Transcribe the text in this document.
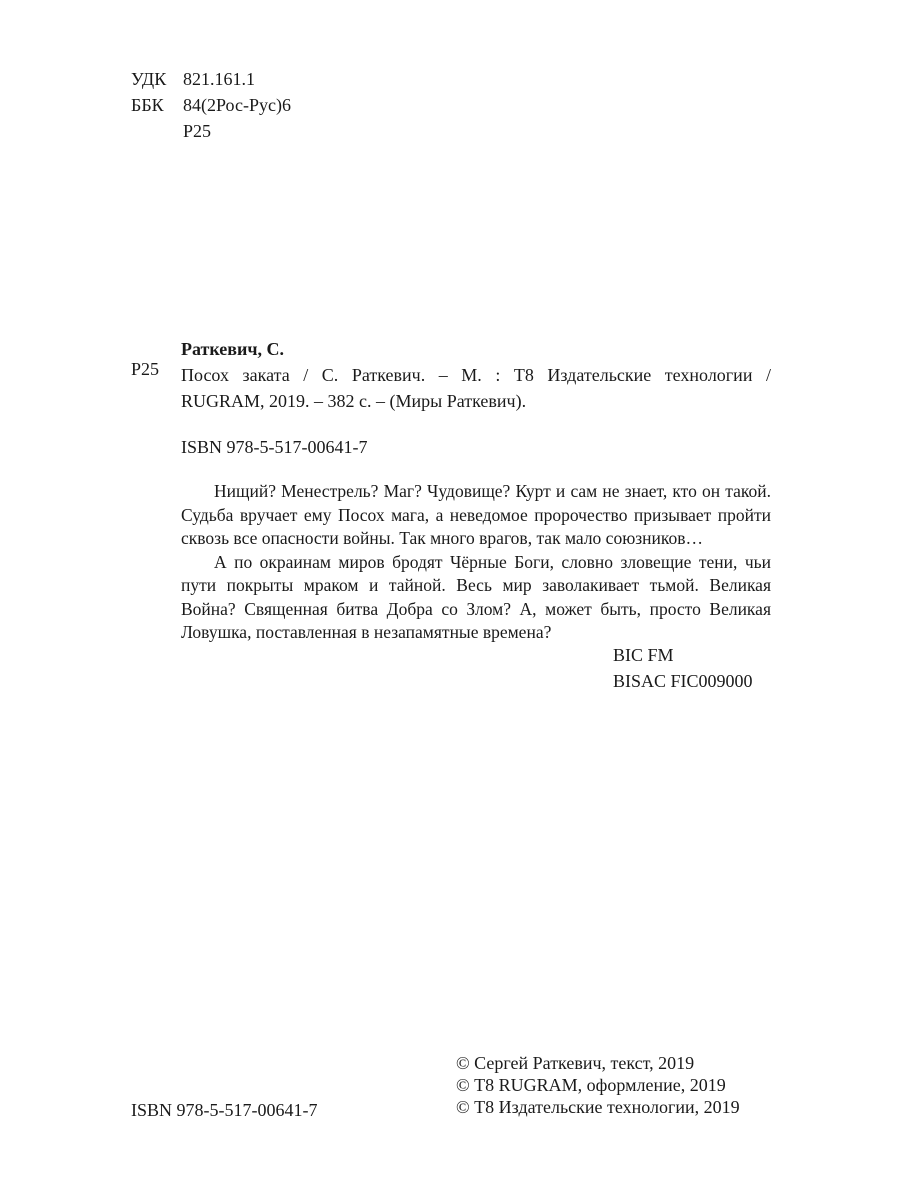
УДК 821.161.1
ББК	84(2Рос-Рус)6
Р25
Р25
Раткевич, С.
Посох заката / С. Раткевич. – М. : Т8 Издательские технологии /
RUGRAM, 2019. – 382 с. – (Миры Раткевич).
ISBN 978-5-517-00641-7

Нищий? Менестрель? Маг? Чудовище? Курт и сам не знает, кто он такой. Судьба вручает ему Посох мага, а неведомое пророчество призывает пройти сквозь все опасности войны. Так много врагов, так мало союзников…

А по окраинам миров бродят Чёрные Боги, словно зловещие тени, чьи пути покрыты мраком и тайной. Весь мир заволакивает тьмой. Великая Война? Священная битва Добра со Злом? А, может быть, просто Великая Ловушка, поставленная в незапамятные времена?

BIC FM
BISAC FIC009000
© Сергей Раткевич, текст, 2019
© Т8 RUGRAM, оформление, 2019
© Т8 Издательские технологии, 2019
ISBN 978-5-517-00641-7
